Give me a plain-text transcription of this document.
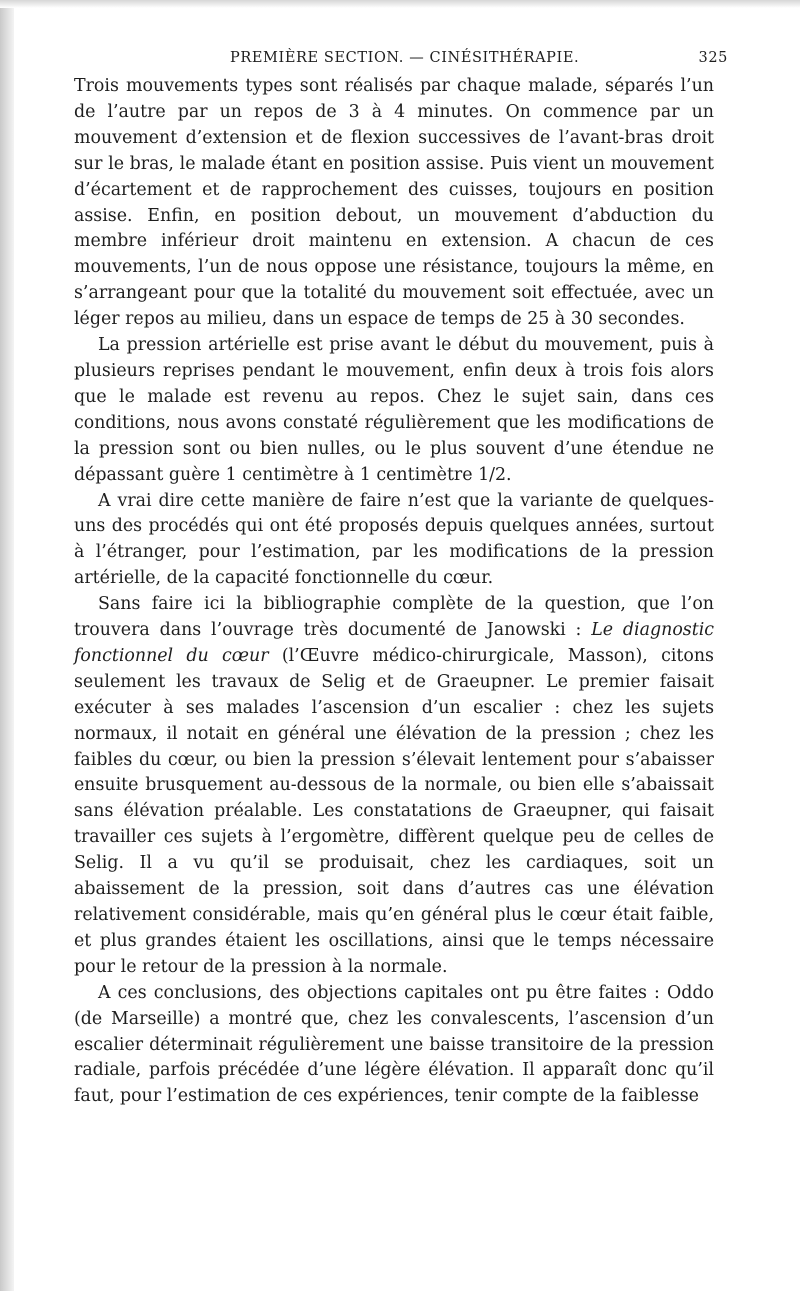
PREMIÈRE SECTION. — CINÉSITHÉRAPIE.	325

Trois mouvements types sont réalisés par chaque malade, séparés l’un de l’autre par un repos de 3 à 4 minutes. On commence par un mouvement d’extension et de flexion successives de l’avant-bras droit sur le bras, le malade étant en position assise. Puis vient un mouvement d’écartement et de rapprochement des cuisses, toujours en position assise. Enfin, en position debout, un mouvement d’abduction du membre inférieur droit maintenu en extension. A chacun de ces mouvements, l’un de nous oppose une résistance, toujours la même, en s’arrangeant pour que la totalité du mouvement soit effectuée, avec un léger repos au milieu, dans un espace de temps de 25 à 30 secondes.

La pression artérielle est prise avant le début du mouvement, puis à plusieurs reprises pendant le mouvement, enfin deux à trois fois alors que le malade est revenu au repos. Chez le sujet sain, dans ces conditions, nous avons constaté régulièrement que les modifications de la pression sont ou bien nulles, ou le plus souvent d’une étendue ne dépassant guère 1 centimètre à 1 centimètre 1/2.

A vrai dire cette manière de faire n’est que la variante de quelques-uns des procédés qui ont été proposés depuis quelques années, surtout à l’étranger, pour l’estimation, par les modifications de la pression artérielle, de la capacité fonctionnelle du cœur.

Sans faire ici la bibliographie complète de la question, que l’on trouvera dans l’ouvrage très documenté de Janowski : Le diagnostic fonctionnel du cœur (l’Œuvre médico-chirurgicale, Masson), citons seulement les travaux de Selig et de Graeupner. Le premier faisait exécuter à ses malades l’ascension d’un escalier : chez les sujets normaux, il notait en général une élévation de la pression ; chez les faibles du cœur, ou bien la pression s’élevait lentement pour s’abaisser ensuite brusquement au-dessous de la normale, ou bien elle s’abaissait sans élévation préalable. Les constatations de Graeupner, qui faisait travailler ces sujets à l’ergomètre, diffèrent quelque peu de celles de Selig. Il a vu qu’il se produisait, chez les cardiaques, soit un abaissement de la pression, soit dans d’autres cas une élévation relativement considérable, mais qu’en général plus le cœur était faible, et plus grandes étaient les oscillations, ainsi que le temps nécessaire pour le retour de la pression à la normale.

A ces conclusions, des objections capitales ont pu être faites : Oddo (de Marseille) a montré que, chez les convalescents, l’ascension d’un escalier déterminait régulièrement une baisse transitoire de la pression radiale, parfois précédée d’une légère élévation. Il apparaît donc qu’il faut, pour l’estimation de ces expériences, tenir compte de la faiblesse
